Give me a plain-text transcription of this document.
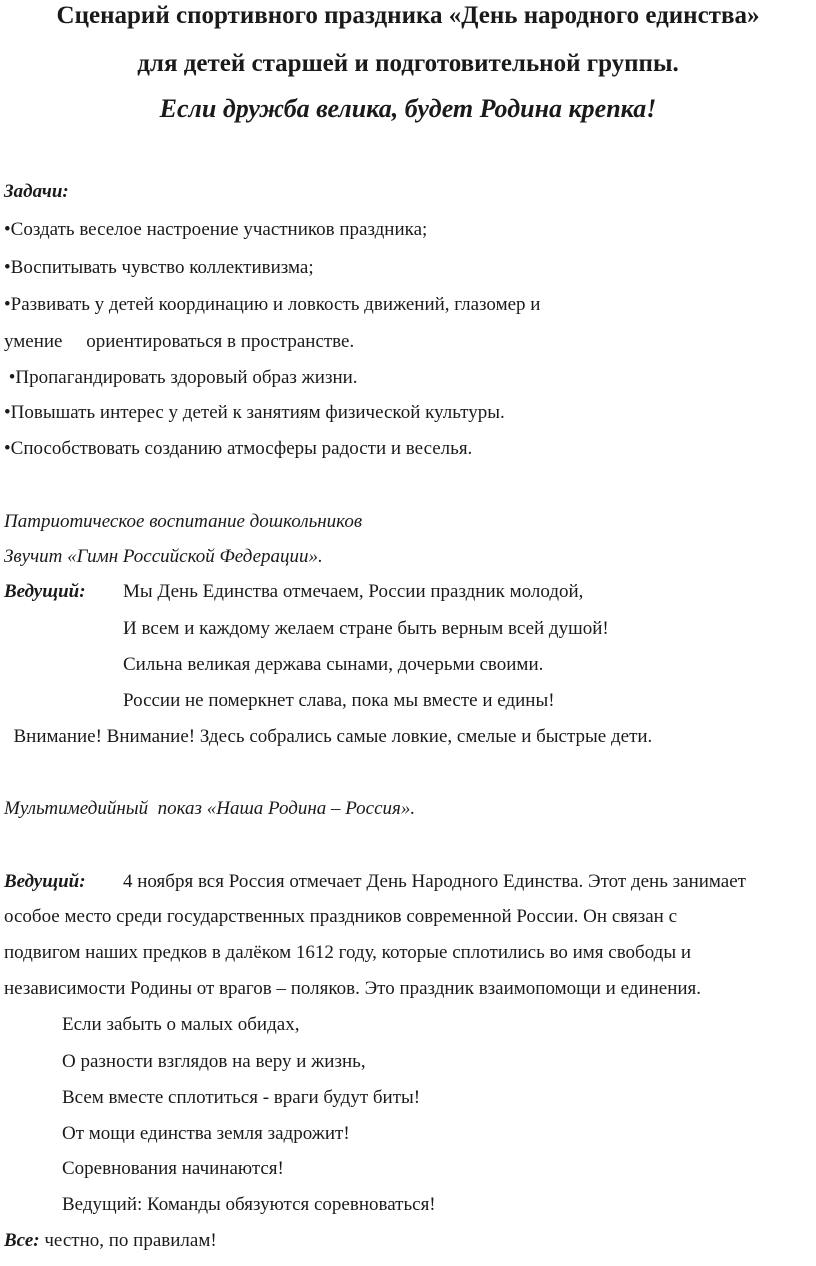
Сценарий спортивного праздника «День народного единства»
для детей старшей и подготовительной группы.
Если дружба велика, будет Родина крепка!
Задачи:
•Создать веселое настроение участников праздника;
•Воспитывать чувство коллективизма;
•Развивать у детей координацию и ловкость движений, глазомер и
умение     ориентироваться в пространстве.
•Пропагандировать здоровый образ жизни.
•Повышать интерес у детей к занятиям физической культуры.
•Способствовать созданию атмосферы радости и веселья.
Патриотическое воспитание дошкольников
Звучит «Гимн Российской Федерации».
Ведущий: Мы День Единства отмечаем, России праздник молодой,
И всем и каждому желаем стране быть верным всей душой!
Сильна великая держава сынами, дочерьми своими.
России не померкнет слава, пока мы вместе и едины!
Внимание! Внимание! Здесь собрались самые ловкие, смелые и быстрые дети.
Мультимедийный  показ «Наша Родина – Россия».
Ведущий: 4 ноября вся Россия отмечает День Народного Единства. Этот день занимает
особое место среди государственных праздников современной России. Он связан с
подвигом наших предков в далёком 1612 году, которые сплотились во имя свободы и
независимости Родины от врагов – поляков. Это праздник взаимопомощи и единения.
Если забыть о малых обидах,
О разности взглядов на веру и жизнь,
Всем вместе сплотиться - враги будут биты!
От мощи единства земля задрожит!
Соревнования начинаются!
Ведущий: Команды обязуются соревноваться!
Все: честно, по правилам!
